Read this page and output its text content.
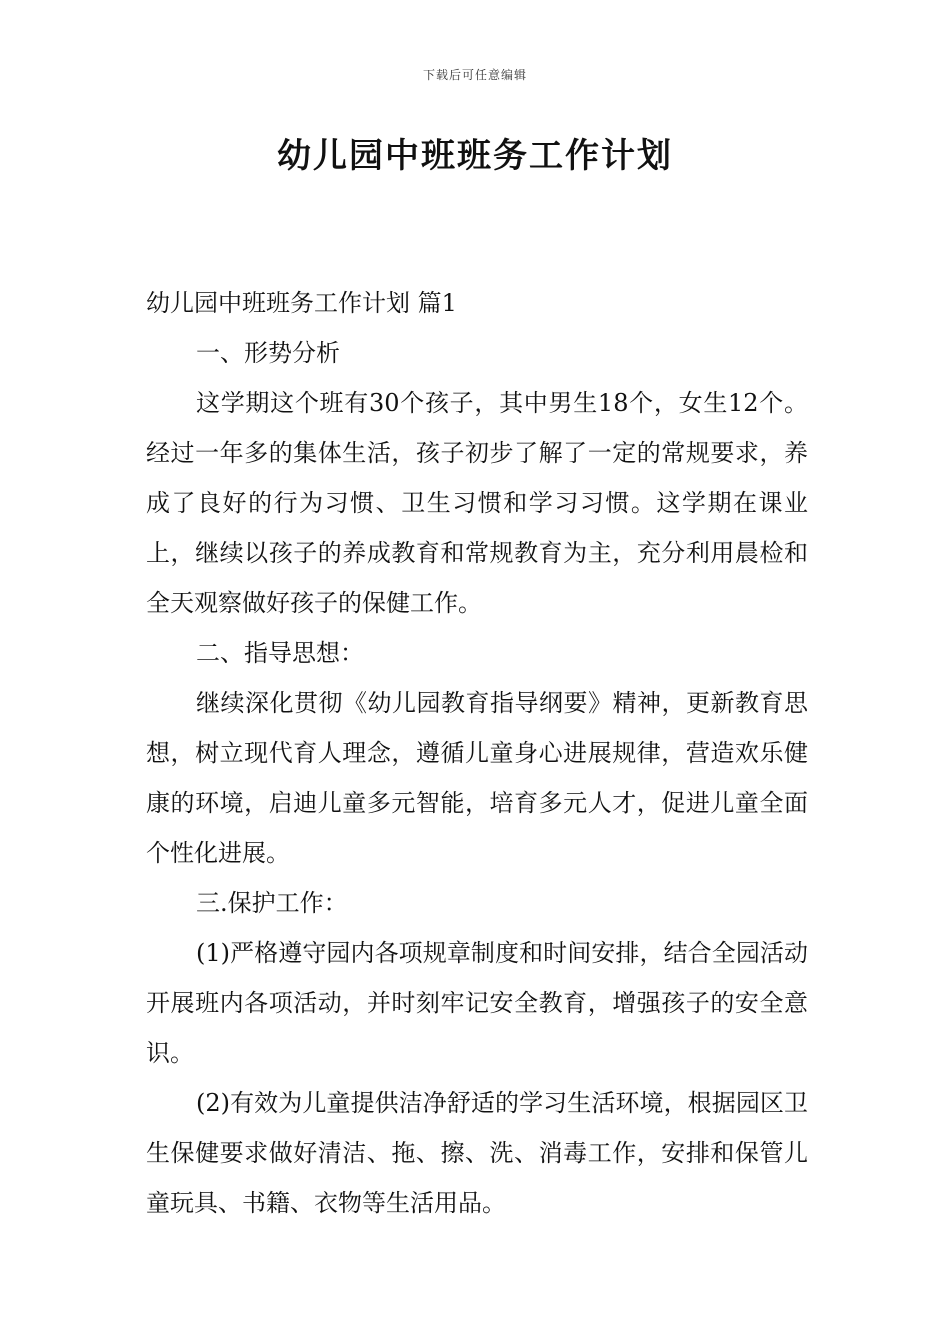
下载后可任意编辑
幼儿园中班班务工作计划

幼儿园中班班务工作计划 篇1

一、形势分析

这学期这个班有30个孩子，其中男生18个，女生12个。经过一年多的集体生活，孩子初步了解了一定的常规要求，养成了良好的行为习惯、卫生习惯和学习习惯。这学期在课业上，继续以孩子的养成教育和常规教育为主，充分利用晨检和全天观察做好孩子的保健工作。

二、指导思想：

继续深化贯彻《幼儿园教育指导纲要》精神，更新教育思想，树立现代育人理念，遵循儿童身心进展规律，营造欢乐健康的环境，启迪儿童多元智能，培育多元人才，促进儿童全面个性化进展。

三.保护工作：

(1)严格遵守园内各项规章制度和时间安排，结合全园活动开展班内各项活动，并时刻牢记安全教育，增强孩子的安全意识。

(2)有效为儿童提供洁净舒适的学习生活环境，根据园区卫生保健要求做好清洁、拖、擦、洗、消毒工作，安排和保管儿童玩具、书籍、衣物等生活用品。
